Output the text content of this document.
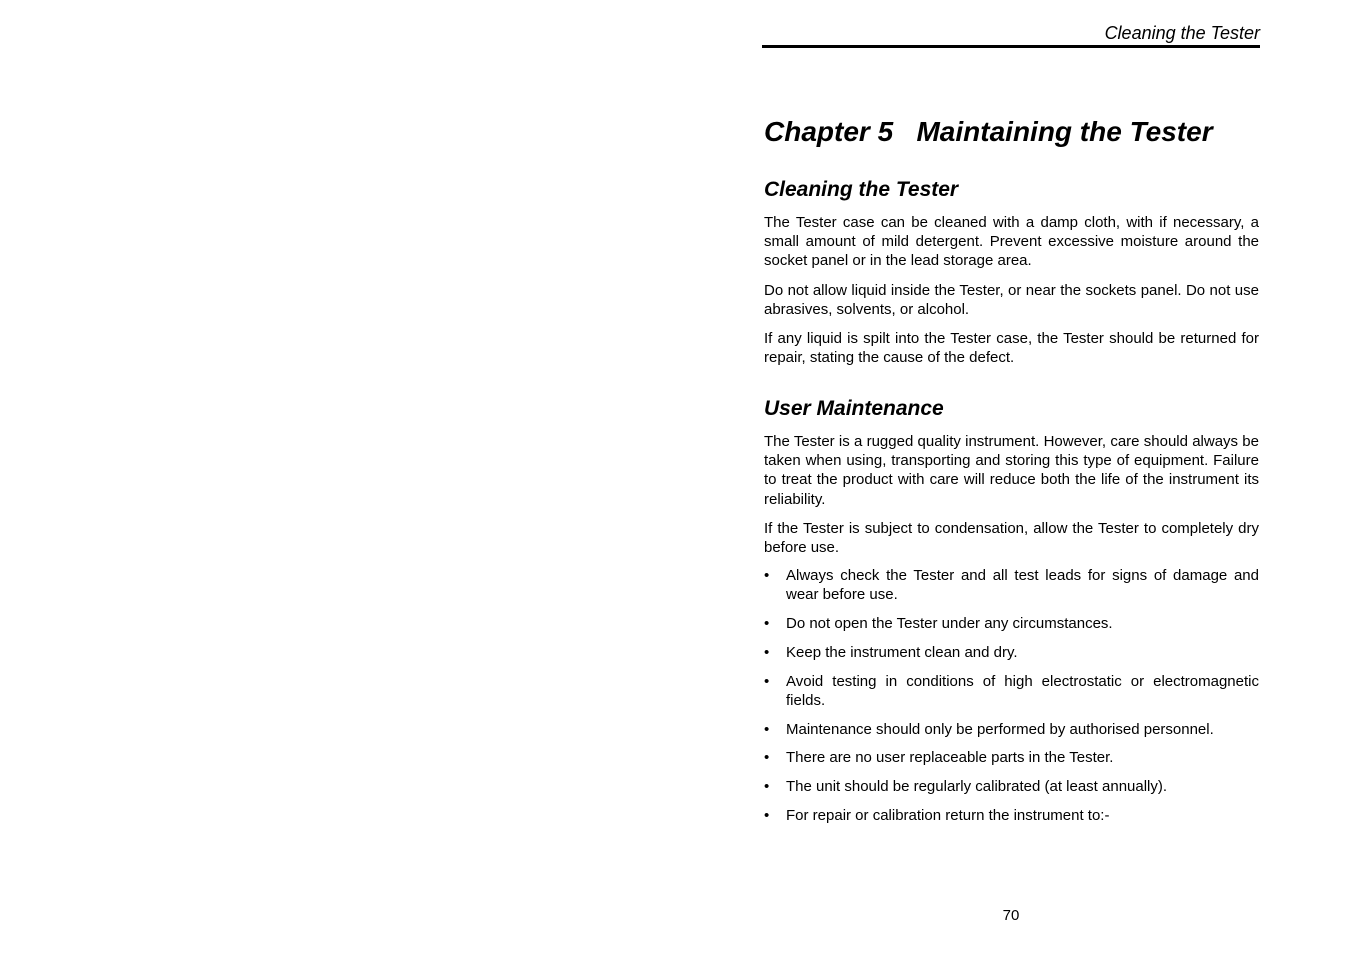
Cleaning the Tester
Chapter 5   Maintaining the Tester
Cleaning the Tester

The Tester case can be cleaned with a damp cloth, with if necessary, a small amount of mild detergent. Prevent excessive moisture around the socket panel or in the lead storage area.

Do not allow liquid inside the Tester, or near the sockets panel. Do not use abrasives, solvents, or alcohol.

If any liquid is spilt into the Tester case, the Tester should be returned for repair, stating the cause of the defect.

User Maintenance

The Tester is a rugged quality instrument. However, care should always be taken when using, transporting and storing this type of equipment. Failure to treat the product with care will reduce both the life of the instrument its reliability.

If the Tester is subject to condensation, allow the Tester to completely dry before use.

•	Always check the Tester and all test leads for signs of damage and wear before use.
•	Do not open the Tester under any circumstances.
•	Keep the instrument clean and dry.
•	Avoid testing in conditions of high electrostatic or electromagnetic fields.
•	Maintenance should only be performed by authorised personnel.
•	There are no user replaceable parts in the Tester.
•	The unit should be regularly calibrated (at least annually).
•	For repair or calibration return the instrument to:-
70
